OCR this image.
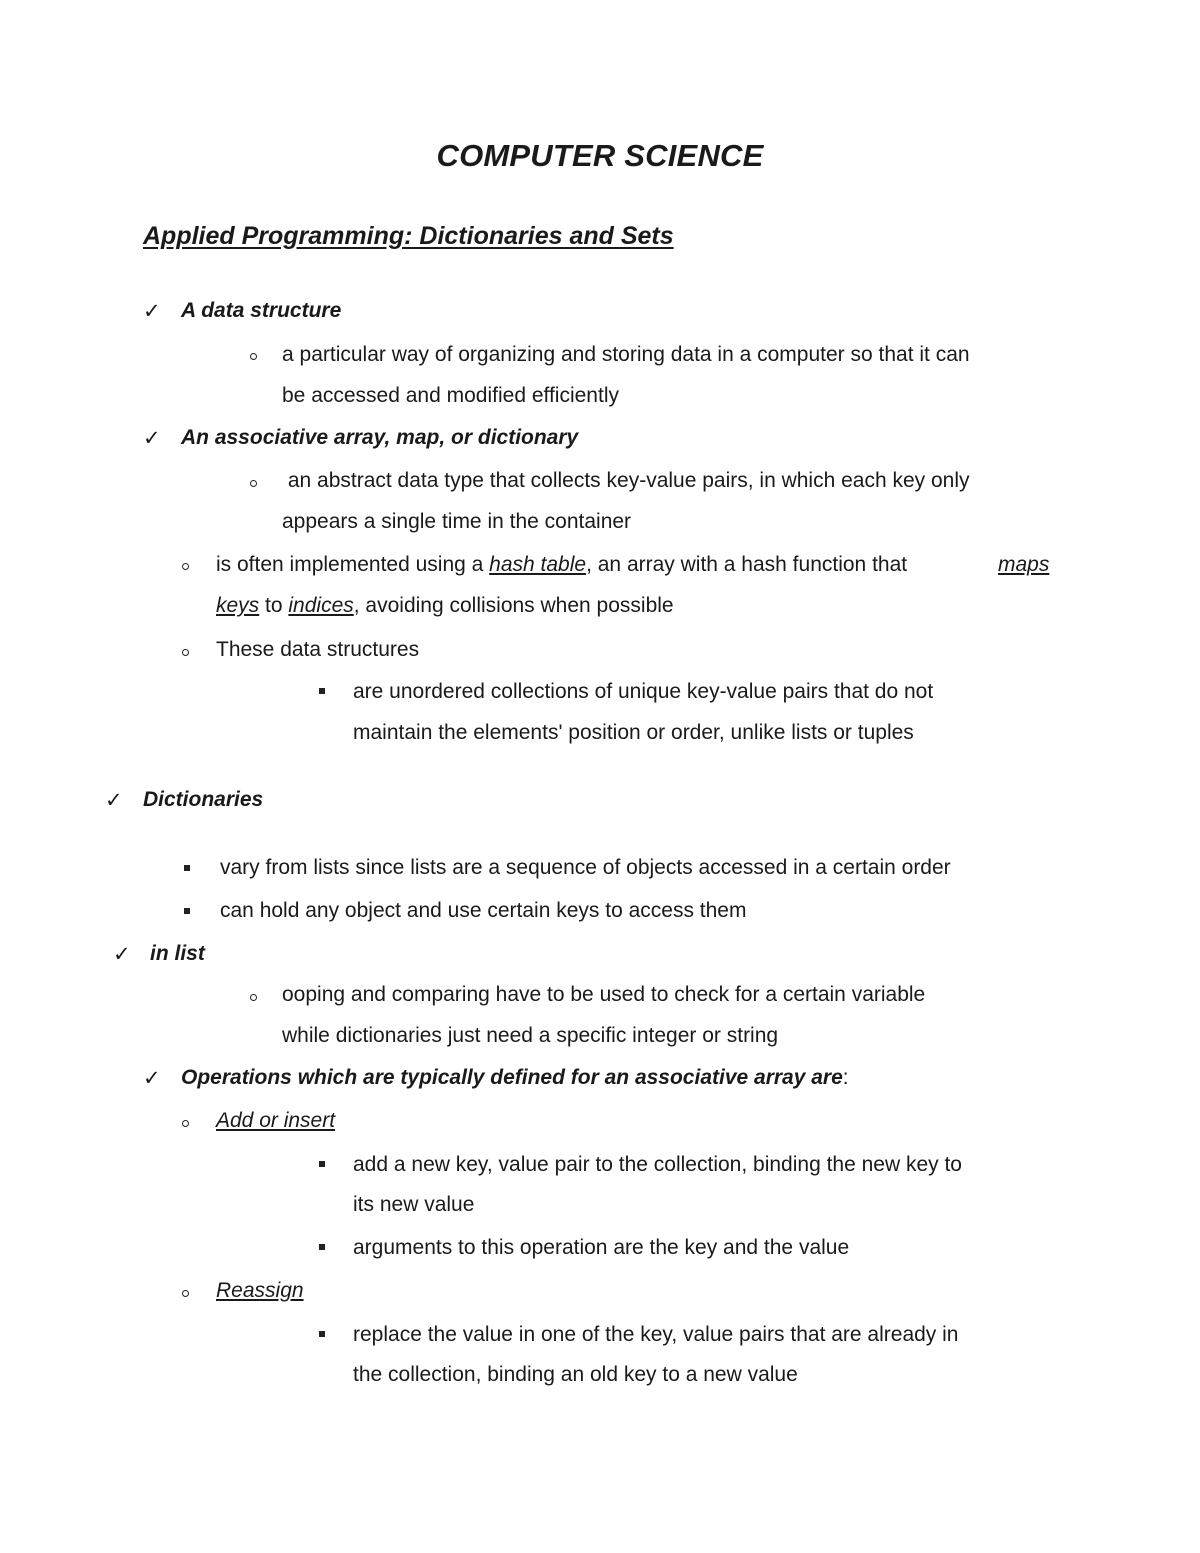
COMPUTER SCIENCE
Applied Programming: Dictionaries and Sets
✓ A data structure
a particular way of organizing and storing data in a computer so that it can
be accessed and modified efficiently
✓ An associative array, map, or dictionary
an abstract data type that collects key-value pairs, in which each key only
appears a single time in the container
is often implemented using a hash table, an array with a hash function that	maps
keys to indices, avoiding collisions when possible
These data structures
are unordered collections of unique key-value pairs that do not
maintain the elements' position or order, unlike lists or tuples
✓ Dictionaries
vary from lists since lists are a sequence of objects accessed in a certain order
can hold any object and use certain keys to access them
✓ in list
ooping and comparing have to be used to check for a certain variable
while dictionaries just need a specific integer or string
✓ Operations which are typically defined for an associative array are:
Add or insert
add a new key, value pair to the collection, binding the new key to
its new value
arguments to this operation are the key and the value
Reassign
replace the value in one of the key, value pairs that are already in
the collection, binding an old key to a new value
